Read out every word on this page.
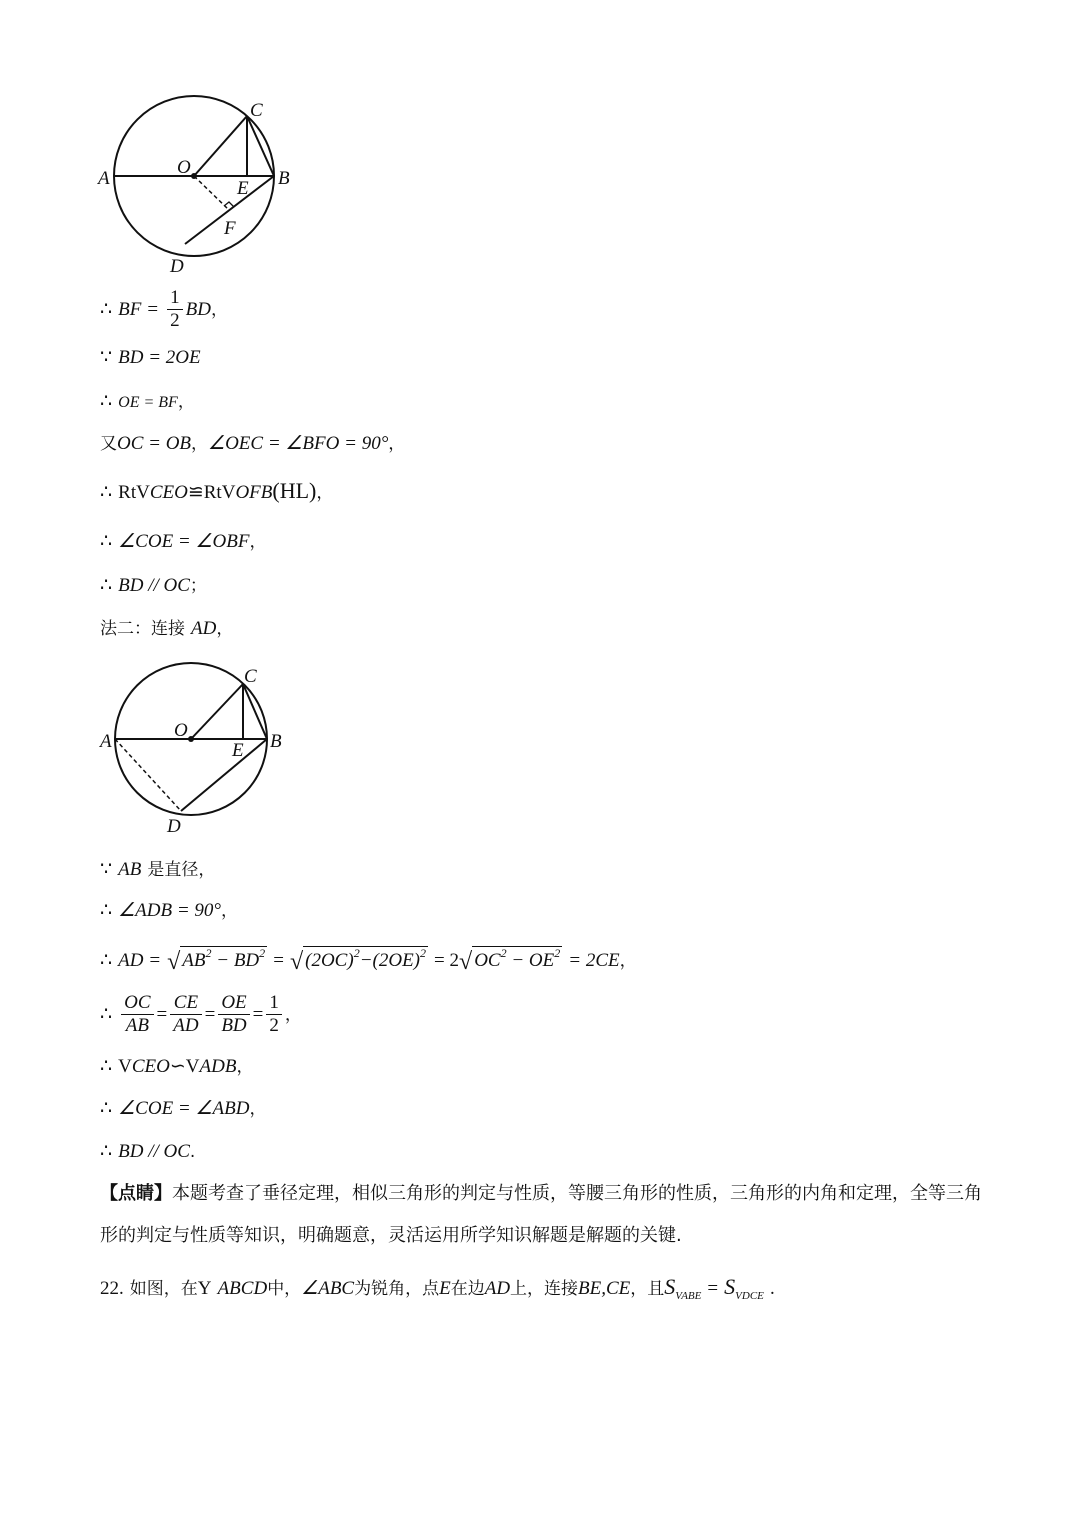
A	B
C
O
E
F
D
∴ BF = $\frac{1}{2}$ BD，
∵ BD = 2OE
∴ OE = BF，
又OC = OB，∠OEC = ∠BFO = 90°，
∴ RtVCEO≌RtVOFB(HL)，
∴ ∠COE = ∠OBF，
∴ BD // OC；
法二：连接 AD，
A	B
C
O
E
D
∵ AB 是直径，
∴ ∠ADB = 90°，
∴ AD = √ $AB^2 - BD^2$ = √ $(2OC)^2-(2OE)^2 = 2√$ $OC^2 - OE^2 = 2CE$，
∴ $\frac{OC}{AB} = \frac{CE}{AD} = \frac{OE}{BD} = \frac{1}{2}$ ，
∴ VCEO∽VADB，
∴ ∠COE = ∠ABD，
∴ BD // OC.
【点睛】本题考查了垂径定理，相似三角形的判定与性质，等腰三角形的性质，三角形的内角和定理，全等三角形的判定与性质等知识，明确题意，灵活运用所学知识解题是解题的关键.
22. 如图，在Y ABCD中，∠ABC为锐角，点E在边AD上，连接BE,CE，且$S_{VABE} = S_{VDCE}$ .
